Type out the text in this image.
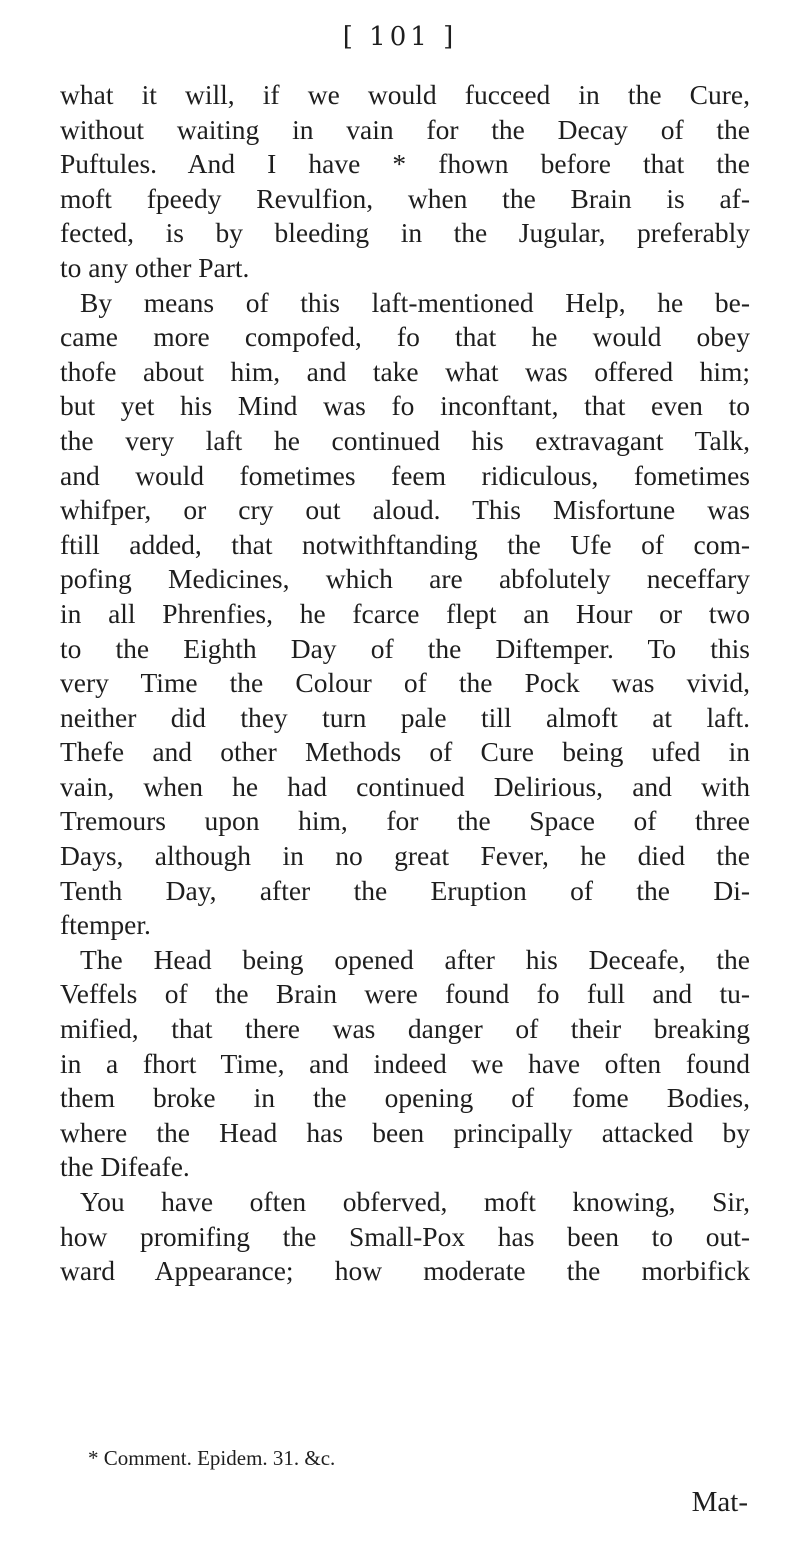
[ 101 ]
what it will, if we would fucceed in the Cure,
without waiting in vain for the Decay of the
Puftules. And I have * fhown before that the
moft fpeedy Revulfion, when the Brain is af-
fected, is by bleeding in the Jugular, preferably
to any other Part.
By means of this laft-mentioned Help, he be-
came more compofed, fo that he would obey
thofe about him, and take what was offered him;
but yet his Mind was fo inconftant, that even to
the very laft he continued his extravagant Talk,
and would fometimes feem ridiculous, fometimes
whifper, or cry out aloud. This Misfortune was
ftill added, that notwithftanding the Ufe of com-
pofing Medicines, which are abfolutely neceffary
in all Phrenfies, he fcarce flept an Hour or two
to the Eighth Day of the Diftemper. To this
very Time the Colour of the Pock was vivid,
neither did they turn pale till almoft at laft.
Thefe and other Methods of Cure being ufed in
vain, when he had continued Delirious, and with
Tremours upon him, for the Space of three
Days, although in no great Fever, he died the
Tenth Day, after the Eruption of the Di-
ftemper.
The Head being opened after his Deceafe, the
Veffels of the Brain were found fo full and tu-
mified, that there was danger of their breaking
in a fhort Time, and indeed we have often found
them broke in the opening of fome Bodies,
where the Head has been principally attacked by
the Difeafe.
You have often obferved, moft knowing, Sir,
how promifing the Small-Pox has been to out-
ward Appearance; how moderate the morbifick
* Comment. Epidem. 31. &c.
Mat-
